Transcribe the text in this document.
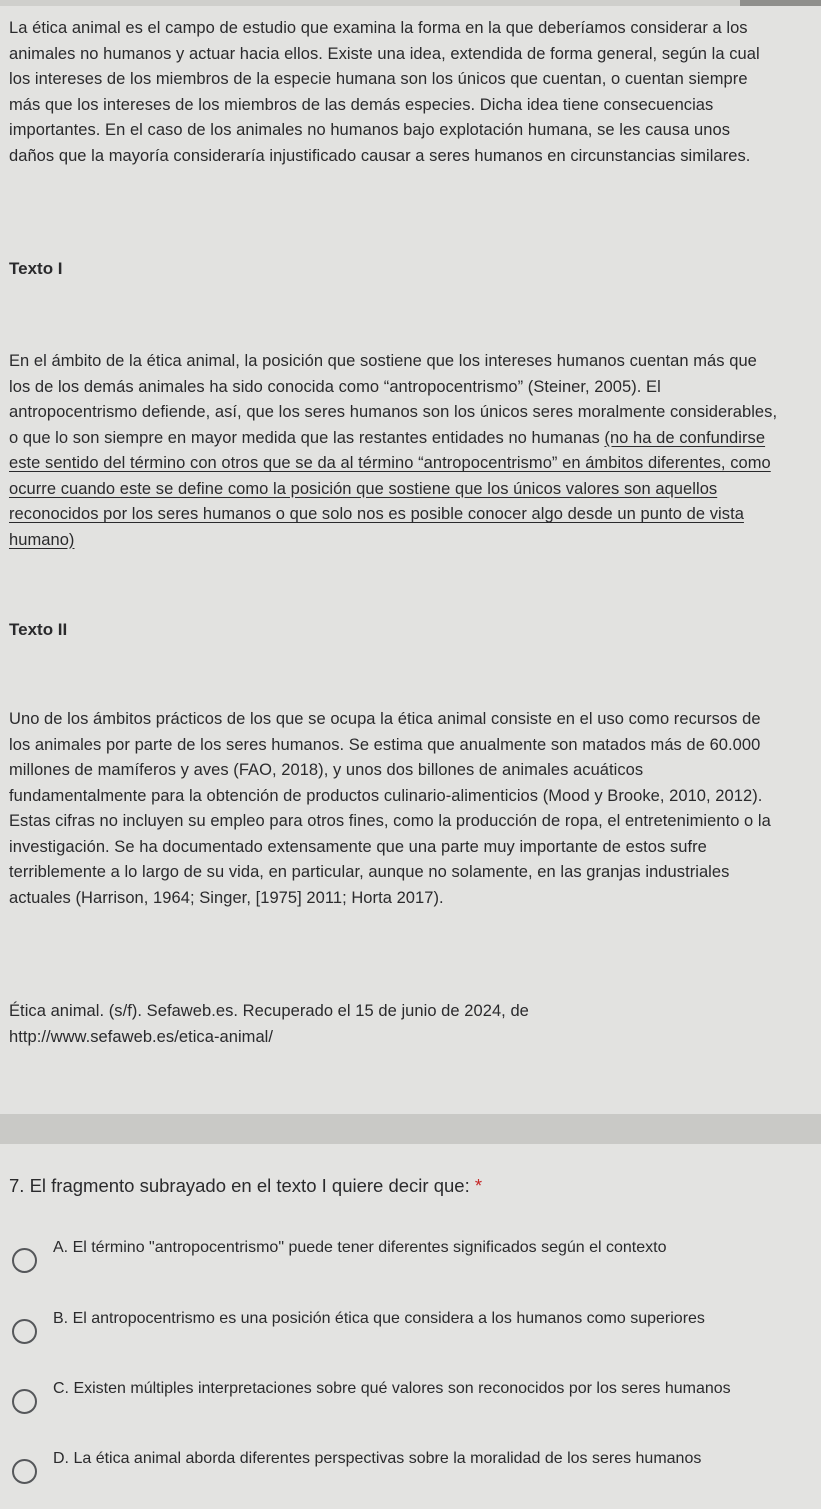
La ética animal es el campo de estudio que examina la forma en la que deberíamos considerar a los animales no humanos y actuar hacia ellos. Existe una idea, extendida de forma general, según la cual los intereses de los miembros de la especie humana son los únicos que cuentan, o cuentan siempre más que los intereses de los miembros de las demás especies. Dicha idea tiene consecuencias importantes. En el caso de los animales no humanos bajo explotación humana, se les causa unos daños que la mayoría consideraría injustificado causar a seres humanos en circunstancias similares.

Texto I

En el ámbito de la ética animal, la posición que sostiene que los intereses humanos cuentan más que los de los demás animales ha sido conocida como “antropocentrismo” (Steiner, 2005). El antropocentrismo defiende, así, que los seres humanos son los únicos seres moralmente considerables, o que lo son siempre en mayor medida que las restantes entidades no humanas (no ha de confundirse este sentido del término con otros que se da al término “antropocentrismo” en ámbitos diferentes, como ocurre cuando este se define como la posición que sostiene que los únicos valores son aquellos reconocidos por los seres humanos o que solo nos es posible conocer algo desde un punto de vista humano)

Texto II

Uno de los ámbitos prácticos de los que se ocupa la ética animal consiste en el uso como recursos de los animales por parte de los seres humanos. Se estima que anualmente son matados más de 60.000 millones de mamíferos y aves (FAO, 2018), y unos dos billones de animales acuáticos fundamentalmente para la obtención de productos culinario-alimenticios (Mood y Brooke, 2010, 2012). Estas cifras no incluyen su empleo para otros fines, como la producción de ropa, el entretenimiento o la investigación. Se ha documentado extensamente que una parte muy importante de estos sufre terriblemente a lo largo de su vida, en particular, aunque no solamente, en las granjas industriales actuales (Harrison, 1964; Singer, [1975] 2011; Horta 2017).

Ética animal. (s/f). Sefaweb.es. Recuperado el 15 de junio de 2024, de
http://www.sefaweb.es/etica-animal/

7. El fragmento subrayado en el texto I quiere decir que: *

A. El término "antropocentrismo" puede tener diferentes significados según el contexto
B. El antropocentrismo es una posición ética que considera a los humanos como superiores
C. Existen múltiples interpretaciones sobre qué valores son reconocidos por los seres humanos
D. La ética animal aborda diferentes perspectivas sobre la moralidad de los seres humanos
